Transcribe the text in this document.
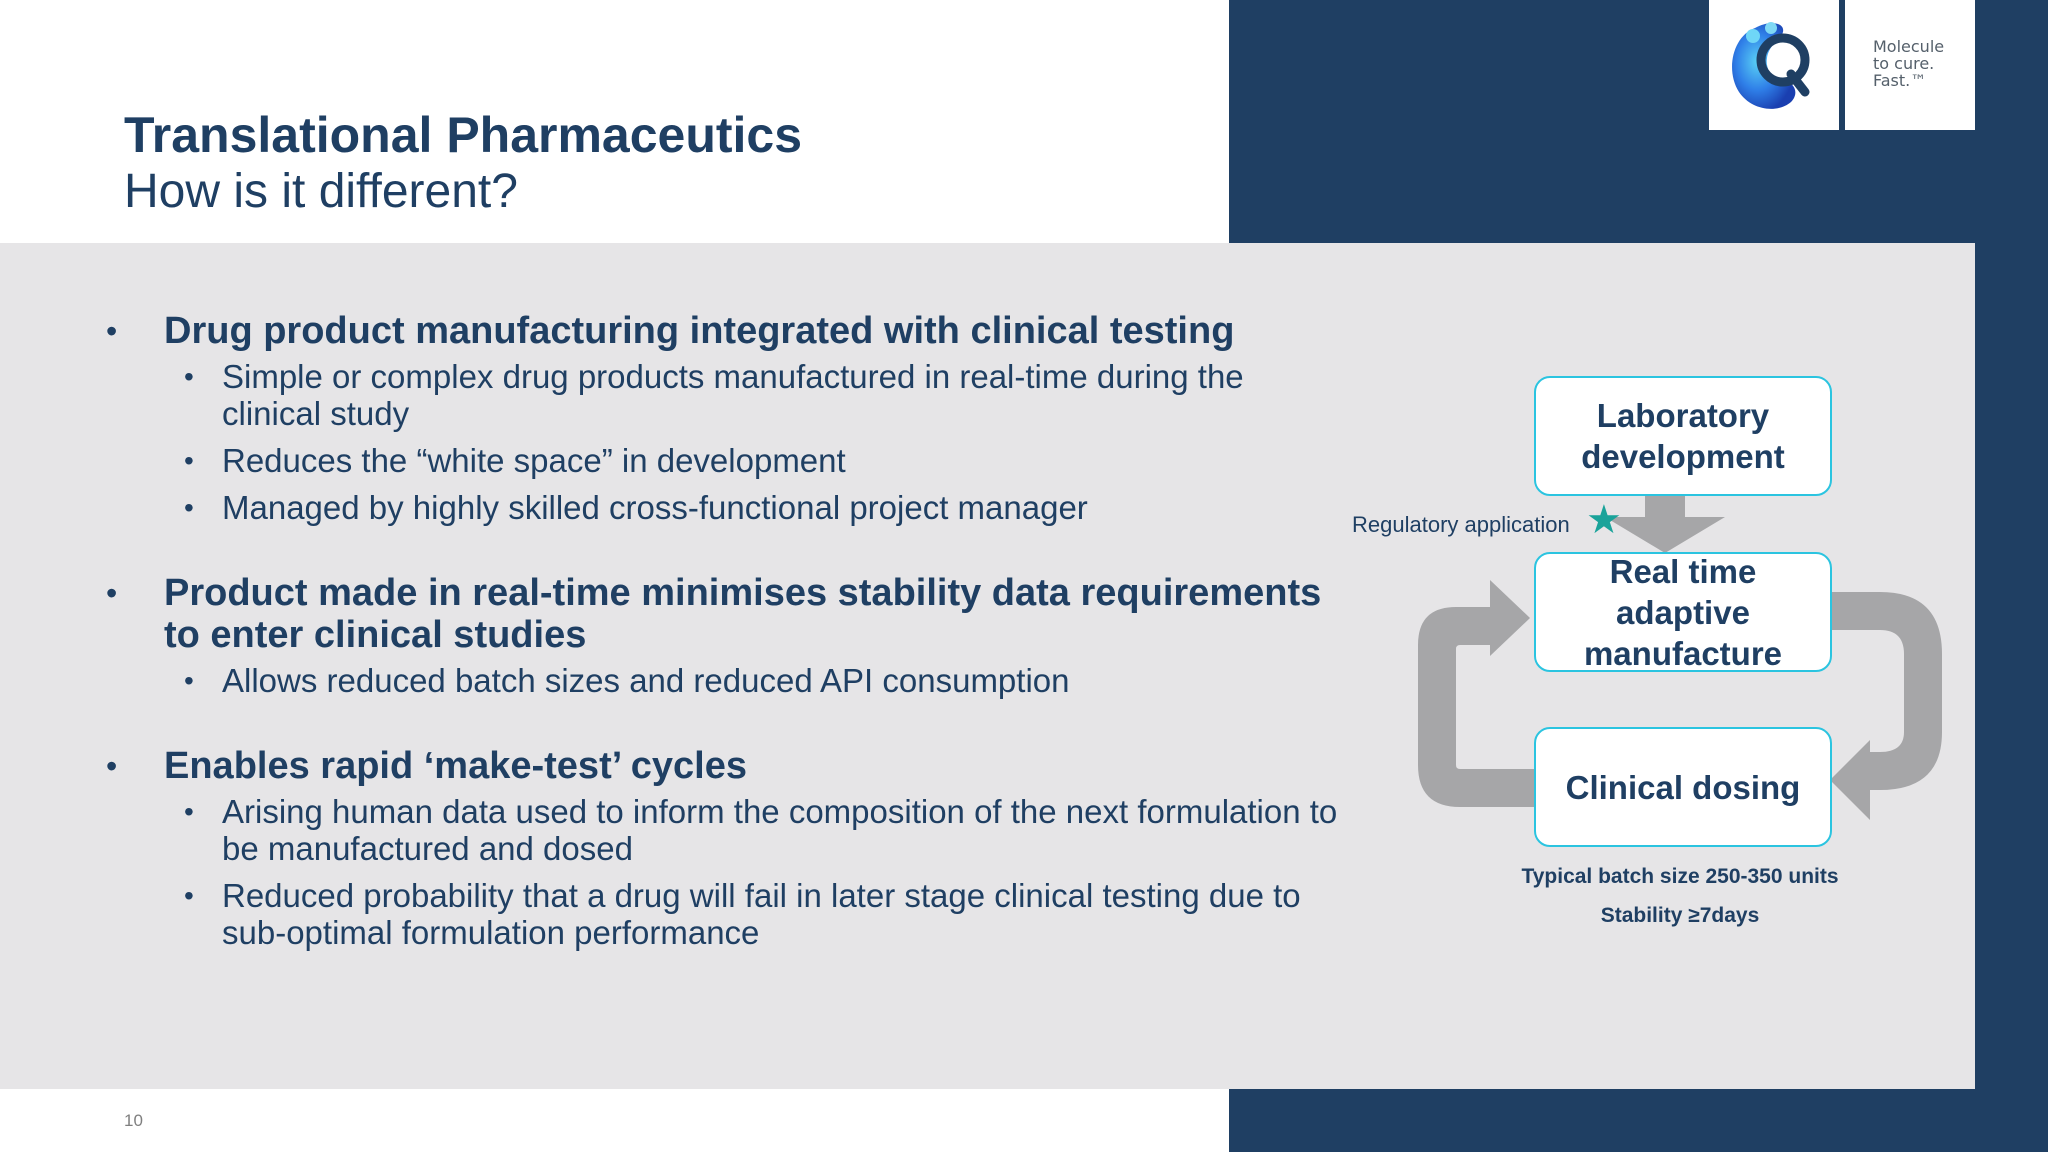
Molecule
to cure.
Fast.™
Translational Pharmaceutics
How is it different?
• Drug product manufacturing integrated with clinical testing
• Simple or complex drug products manufactured in real-time during the clinical study
• Reduces the “white space” in development
• Managed by highly skilled cross-functional project manager
• Product made in real-time minimises stability data requirements to enter clinical studies
• Allows reduced batch sizes and reduced API consumption
• Enables rapid ‘make-test’ cycles
• Arising human data used to inform the composition of the next formulation to be manufactured and dosed
• Reduced probability that a drug will fail in later stage clinical testing due to sub-optimal formulation performance
Laboratory
development
Real time
adaptive
manufacture
Clinical dosing
Regulatory application ★
Typical batch size 250-350 units
Stability ≥7days
10
